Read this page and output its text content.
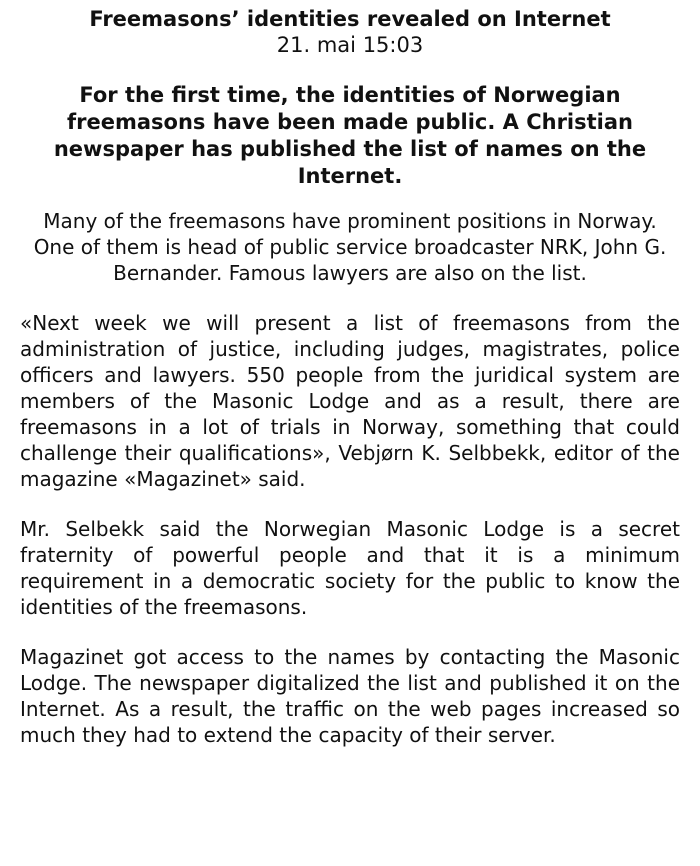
Freemasons’ identities revealed on Internet
21. mai 15:03

For the first time, the identities of Norwegian freemasons have been made public. A Christian newspaper has published the list of names on the Internet.

Many of the freemasons have prominent positions in Norway. One of them is head of public service broadcaster NRK, John G. Bernander. Famous lawyers are also on the list.

«Next week we will present a list of freemasons from the administration of justice, including judges, magistrates, police officers and lawyers. 550 people from the juridical system are members of the Masonic Lodge and as a result, there are freemasons in a lot of trials in Norway, something that could challenge their qualifications», Vebjørn K. Selbbekk, editor of the magazine «Magazinet» said.

Mr. Selbekk said the Norwegian Masonic Lodge is a secret fraternity of powerful people and that it is a minimum requirement in a democratic society for the public to know the identities of the freemasons.

Magazinet got access to the names by contacting the Masonic Lodge. The newspaper digitalized the list and published it on the Internet. As a result, the traffic on the web pages increased so much they had to extend the capacity of their server.
